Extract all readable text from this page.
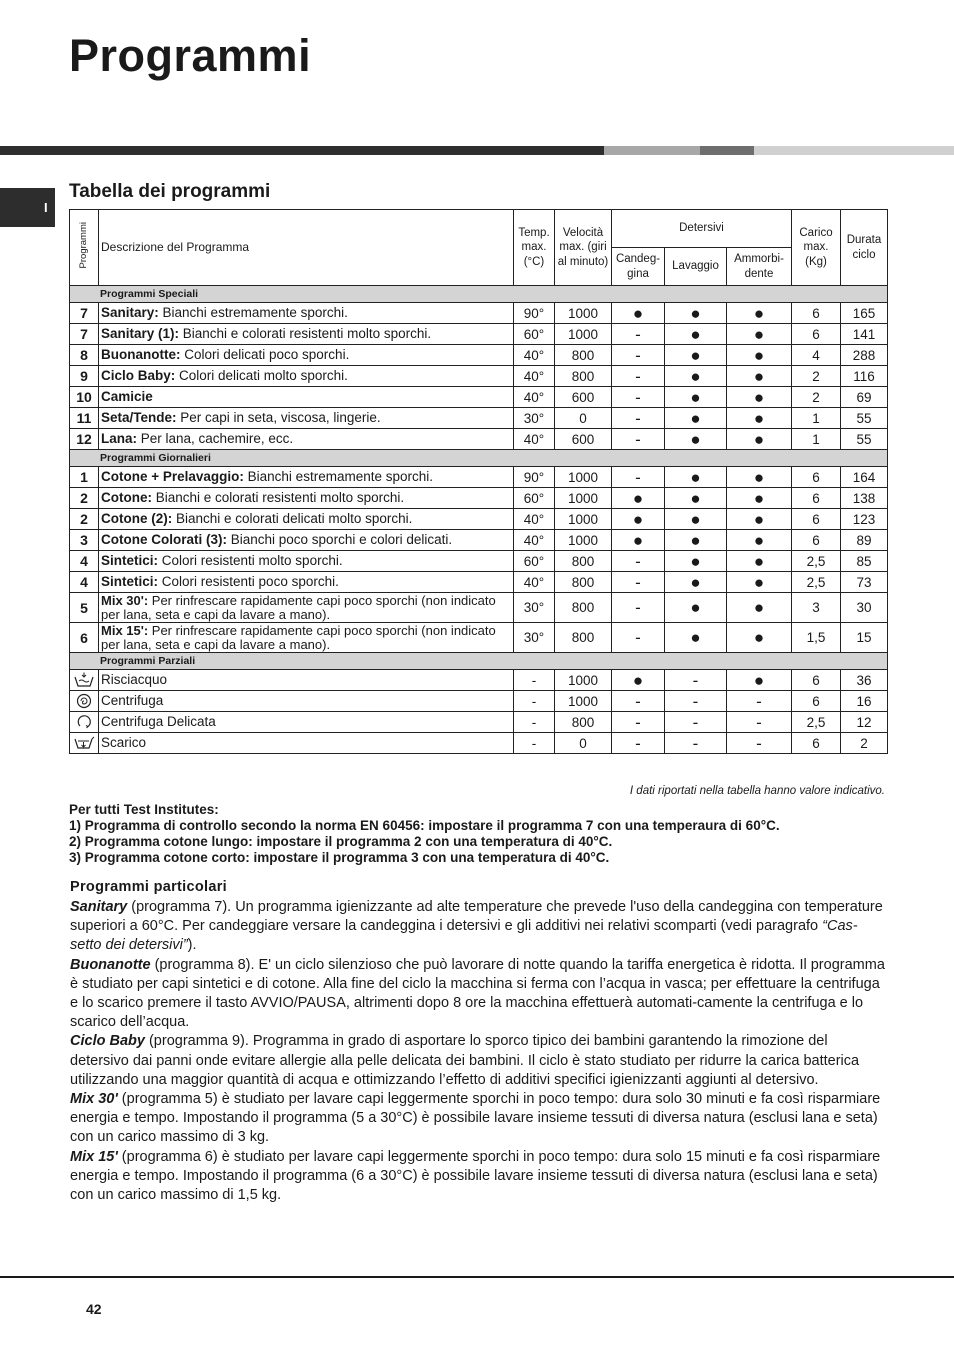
Programmi
I
Tabella dei programmi
Programmi	Descrizione del Programma	Temp. max. (°C)	Velocità max. (giri al minuto)	Detersivi			Carico max. (Kg)	Durata ciclo
				Candeg- gina	Lavaggio	Ammorbi- dente		
Programmi Speciali								
7	Sanitary: Bianchi estremamente sporchi.	90°	1000	●	●	●	6	165
7	Sanitary (1): Bianchi e colorati resistenti molto sporchi.	60°	1000	-	●	●	6	141
8	Buonanotte: Colori delicati poco sporchi.	40°	800	-	●	●	4	288
9	Ciclo Baby: Colori delicati molto sporchi.	40°	800	-	●	●	2	116
10	Camicie	40°	600	-	●	●	2	69
11	Seta/Tende: Per capi in seta, viscosa, lingerie.	30°	0	-	●	●	1	55
12	Lana: Per lana, cachemire, ecc.	40°	600	-	●	●	1	55
Programmi Giornalieri								
1	Cotone + Prelavaggio: Bianchi estremamente sporchi.	90°	1000	-	●	●	6	164
2	Cotone: Bianchi e colorati resistenti molto sporchi.	60°	1000	●	●	●	6	138
2	Cotone (2): Bianchi e colorati delicati molto sporchi.	40°	1000	●	●	●	6	123
3	Cotone Colorati (3): Bianchi poco sporchi e colori delicati.	40°	1000	●	●	●	6	89
4	Sintetici: Colori resistenti molto sporchi.	60°	800	-	●	●	2,5	85
4	Sintetici: Colori resistenti poco sporchi.	40°	800	-	●	●	2,5	73
5	Mix 30': Per rinfrescare rapidamente capi poco sporchi (non indicato per lana, seta e capi da lavare a mano).	30°	800	-	●	●	3	30
6	Mix 15': Per rinfrescare rapidamente capi poco sporchi (non indicato per lana, seta e capi da lavare a mano).	30°	800	-	●	●	1,5	15
Programmi Parziali								

	Risciacquo	-	1000	●	-	●	6	36

	Centrifuga	-	1000	-	-	-	6	16

	Centrifuga Delicata	-	800	-	-	-	2,5	12

	Scarico	-	0	-	-	-	6	2
I dati riportati nella tabella hanno valore indicativo.
Per tutti Test Institutes:
1) Programma di controllo secondo la norma EN 60456: impostare il programma 7 con una temperaura di 60°C.
2) Programma cotone lungo: impostare il programma 2 con una temperatura di 40°C.
3) Programma cotone corto: impostare il programma 3 con una temperatura di 40°C.
Programmi particolari

Sanitary (programma 7). Un programma igienizzante ad alte temperature che prevede l'uso della candeggina con temperature superiori a 60°C. Per candeggiare versare la candeggina i detersivi e gli additivi nei relativi scomparti (vedi paragrafo “Cas-setto dei detersivi”).

Buonanotte (programma 8). E' un ciclo silenzioso che può lavorare di notte quando la tariffa energetica è ridotta. Il programma è studiato per capi sintetici e di cotone. Alla fine del ciclo la macchina si ferma con l’acqua in vasca; per effettuare la centrifuga e lo scarico premere il tasto AVVIO/PAUSA, altrimenti dopo 8 ore la macchina effettuerà automati-camente la centrifuga e lo scarico dell’acqua.

Ciclo Baby (programma 9). Programma in grado di asportare lo sporco tipico dei bambini garantendo la rimozione del detersivo dai panni onde evitare allergie alla pelle delicata dei bambini. Il ciclo è stato studiato per ridurre la carica batterica utilizzando una maggior quantità di acqua e ottimizzando l’effetto di additivi specifici igienizzanti aggiunti al detersivo.

Mix 30' (programma 5) è studiato per lavare capi leggermente sporchi in poco tempo: dura solo 30 minuti e fa così risparmiare energia e tempo. Impostando il programma (5 a 30°C) è possibile lavare insieme tessuti di diversa natura (esclusi lana e seta) con un carico massimo di 3 kg.

Mix 15' (programma 6) è studiato per lavare capi leggermente sporchi in poco tempo: dura solo 15 minuti e fa così risparmiare energia e tempo. Impostando il programma (6 a 30°C) è possibile lavare insieme tessuti di diversa natura (esclusi lana e seta) con un carico massimo di 1,5 kg.

42
